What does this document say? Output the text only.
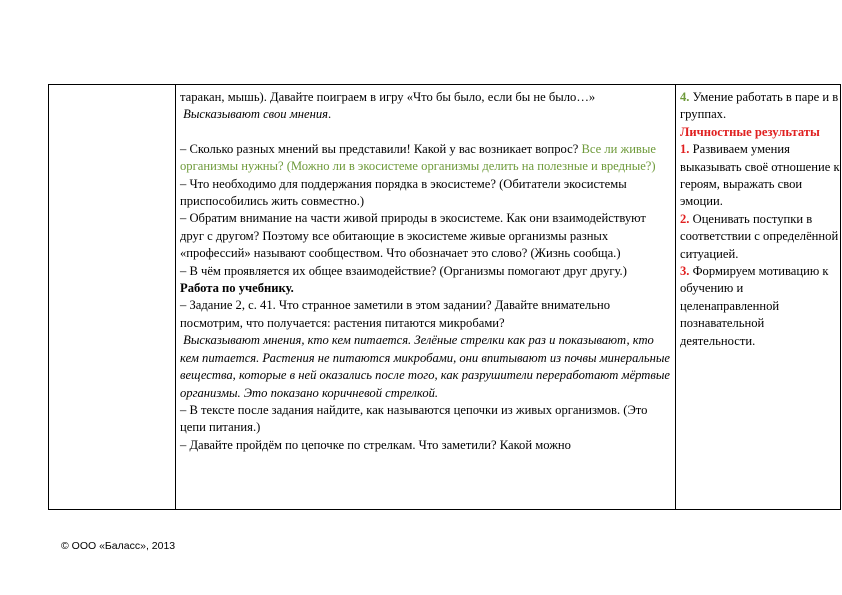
таракан, мышь). Давайте поиграем в игру «Что бы было, если бы не было…»

Высказывают свои мнения.

– Сколько разных мнений вы представили! Какой у вас возникает вопрос? Все ли живые организмы нужны? (Можно ли в экосистеме организмы делить на полезные и вредные?)

– Что необходимо для поддержания порядка в экосистеме? (Обитатели экосистемы приспособились жить совместно.)

– Обратим внимание на части живой природы в экосистеме. Как они взаимодействуют друг с другом? Поэтому все обитающие в экосистеме живые организмы разных «профессий» называют сообществом. Что обозначает это слово? (Жизнь сообща.)

– В чём проявляется их общее взаимодействие? (Организмы помогают друг другу.)

Работа по учебнику.

– Задание 2, с. 41. Что странное заметили в этом задании? Давайте внимательно посмотрим, что получается: растения питаются микробами?

Высказывают мнения, кто кем питается. Зелёные стрелки как раз и показывают, кто кем питается. Растения не питаются микробами, они впитывают из почвы минеральные вещества, которые в ней оказались после того, как разрушители переработают мёртвые организмы. Это показано коричневой стрелкой.

– В тексте после задания найдите, как называются цепочки из живых организмов. (Это цепи питания.)

– Давайте пройдём по цепочке по стрелкам. Что заметили? Какой можно

4. Умение работать в паре и в группах.

Личностные результаты

1. Развиваем умения выказывать своё отношение к героям, выражать свои эмоции.

2. Оценивать поступки в соответствии с определённой ситуацией.

3. Формируем мотивацию к обучению и целенаправленной познавательной деятельности.

© ООО «Баласс», 2013
